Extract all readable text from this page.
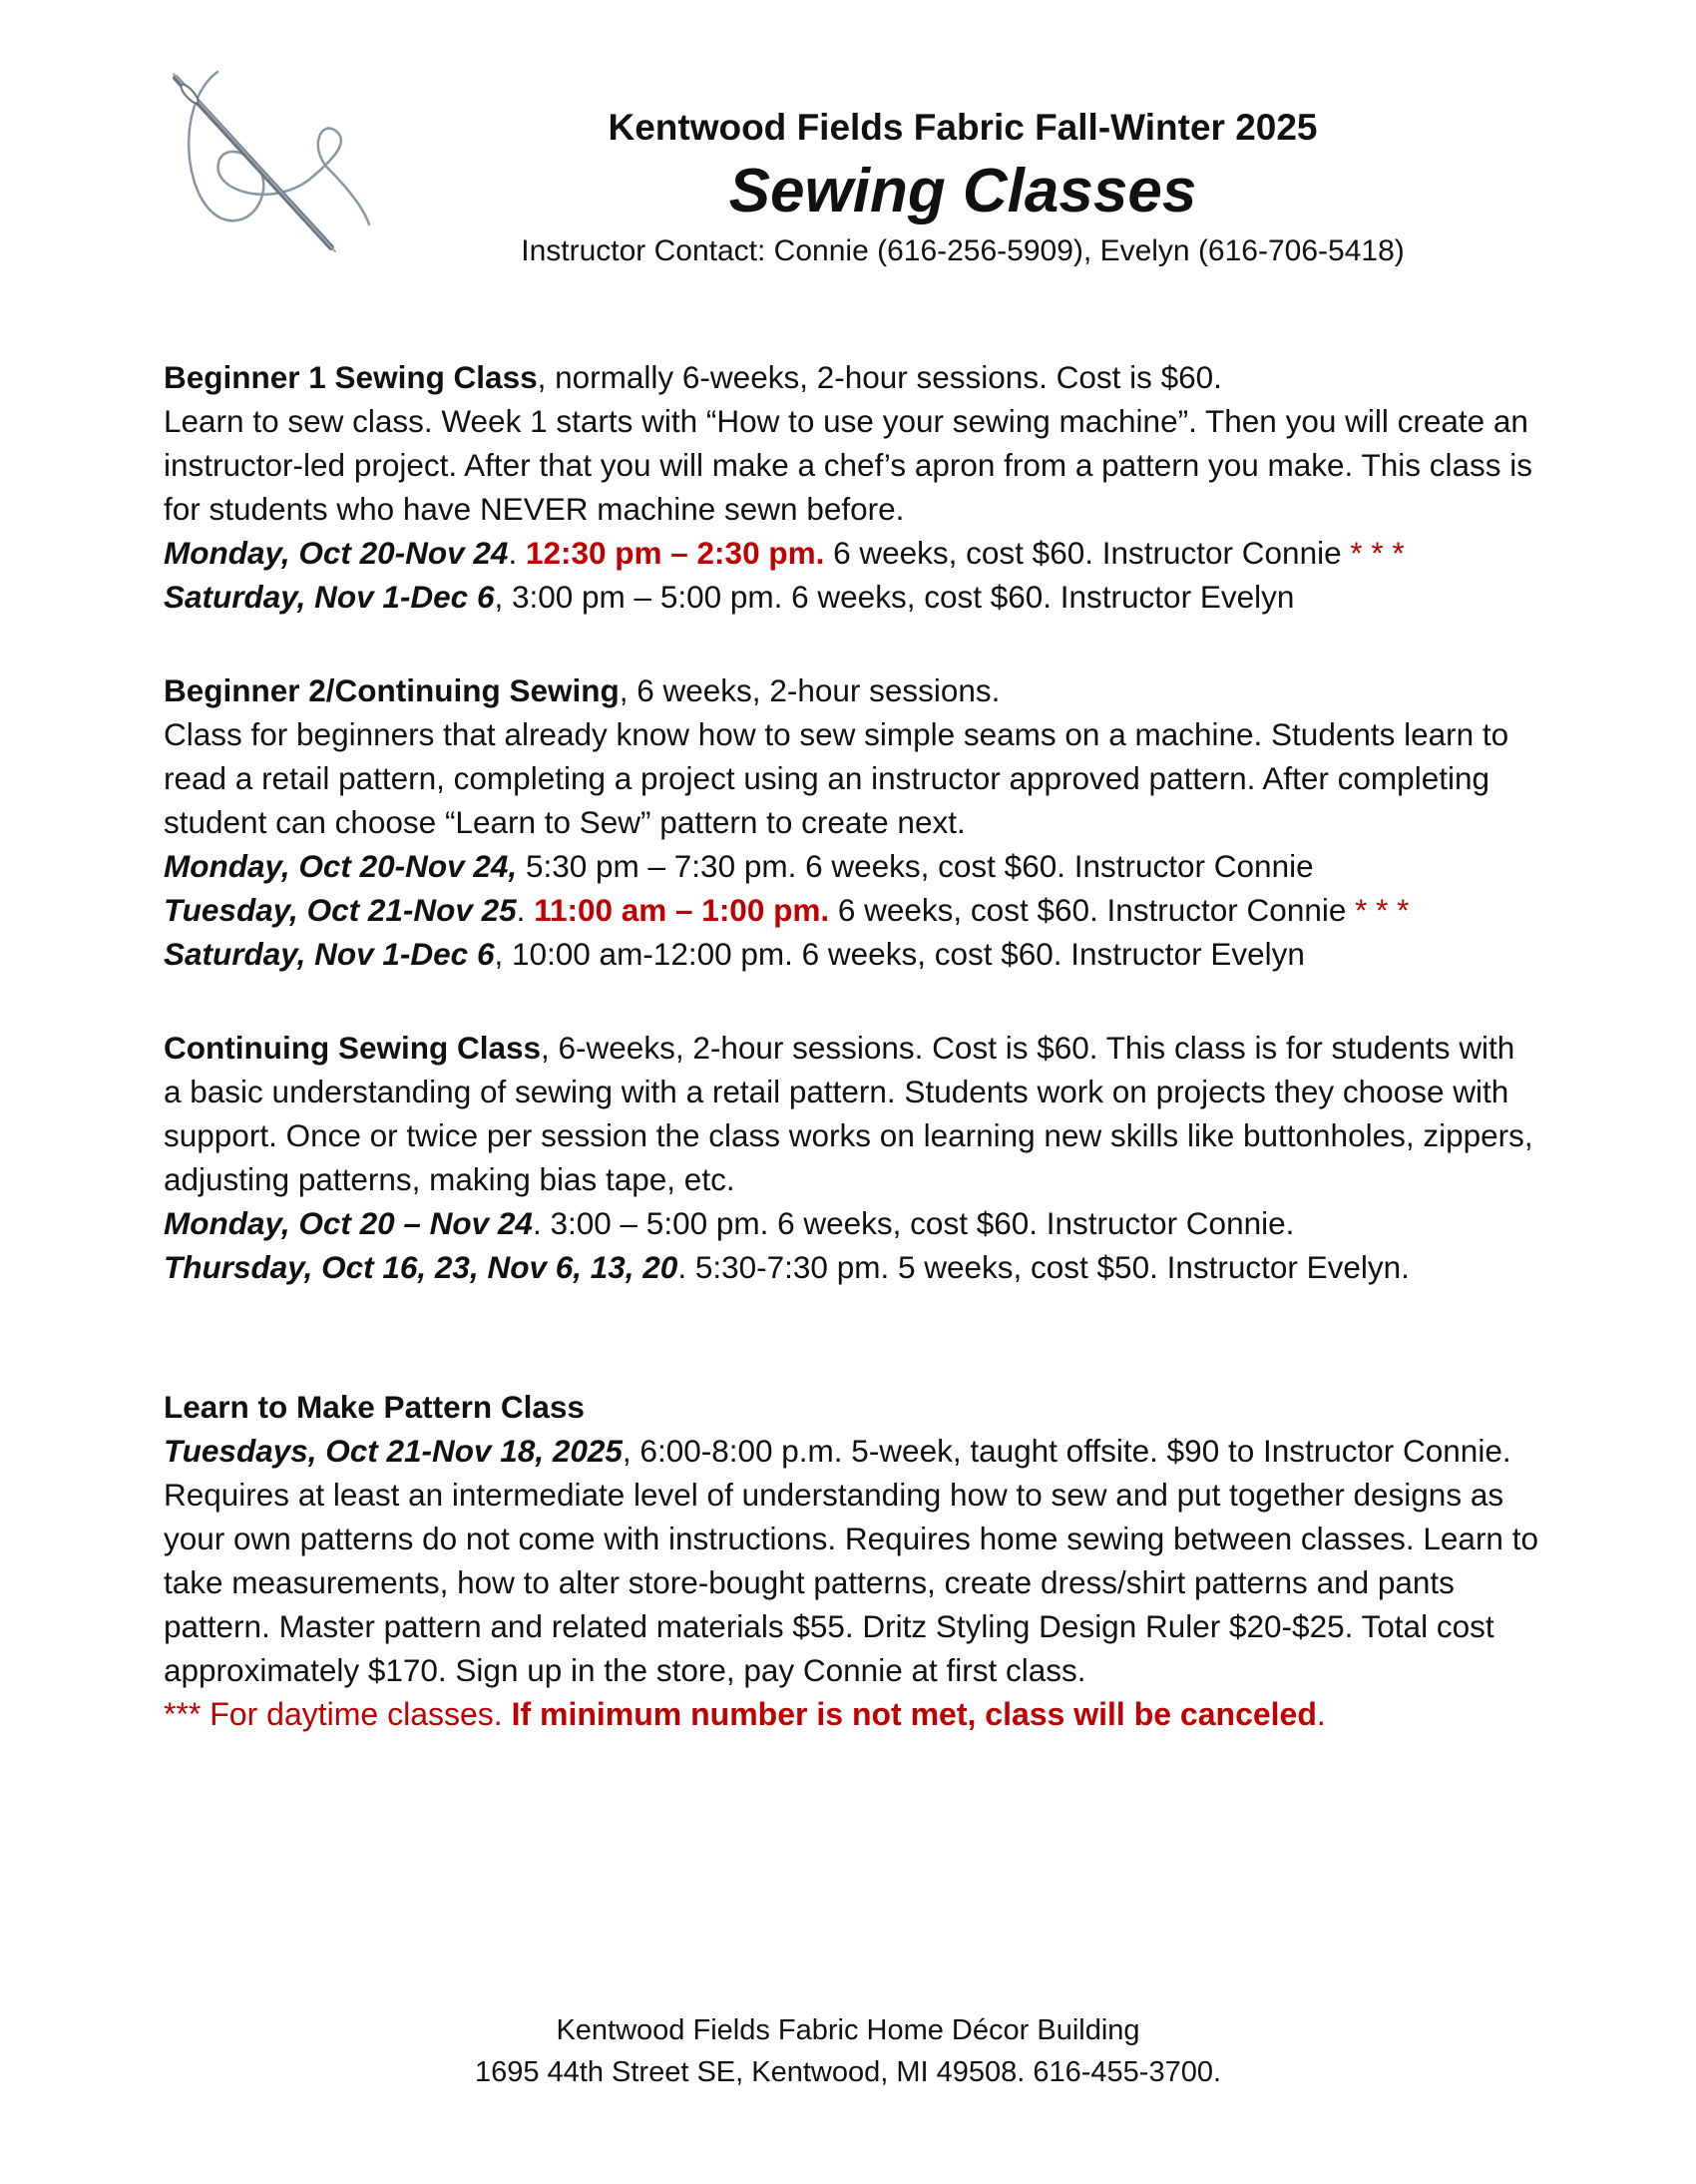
Kentwood Fields Fabric Fall-Winter 2025
Sewing Classes
Instructor Contact: Connie (616-256-5909), Evelyn (616-706-5418)

Beginner 1 Sewing Class, normally 6-weeks, 2-hour sessions. Cost is $60.

Learn to sew class. Week 1 starts with “How to use your sewing machine”. Then you will create an instructor-led project. After that you will make a chef’s apron from a pattern you make. This class is for students who have NEVER machine sewn before.

Monday, Oct 20-Nov 24. 12:30 pm – 2:30 pm. 6 weeks, cost $60. Instructor Connie * * *

Saturday, Nov 1-Dec 6, 3:00 pm – 5:00 pm. 6 weeks, cost $60. Instructor Evelyn

Beginner 2/Continuing Sewing, 6 weeks, 2-hour sessions.

Class for beginners that already know how to sew simple seams on a machine. Students learn to read a retail pattern, completing a project using an instructor approved pattern. After completing student can choose “Learn to Sew” pattern to create next.

Monday, Oct 20-Nov 24, 5:30 pm – 7:30 pm. 6 weeks, cost $60. Instructor Connie

Tuesday, Oct 21-Nov 25. 11:00 am – 1:00 pm. 6 weeks, cost $60. Instructor Connie * * *

Saturday, Nov 1-Dec 6, 10:00 am-12:00 pm. 6 weeks, cost $60. Instructor Evelyn

Continuing Sewing Class, 6-weeks, 2-hour sessions. Cost is $60. This class is for students with a basic understanding of sewing with a retail pattern. Students work on projects they choose with support. Once or twice per session the class works on learning new skills like buttonholes, zippers, adjusting patterns, making bias tape, etc.

Monday, Oct 20 – Nov 24. 3:00 – 5:00 pm. 6 weeks, cost $60. Instructor Connie.

Thursday, Oct 16, 23, Nov 6, 13, 20. 5:30-7:30 pm. 5 weeks, cost $50. Instructor Evelyn.

Learn to Make Pattern Class

Tuesdays, Oct 21-Nov 18, 2025, 6:00-8:00 p.m. 5-week, taught offsite. $90 to Instructor Connie. Requires at least an intermediate level of understanding how to sew and put together designs as your own patterns do not come with instructions. Requires home sewing between classes. Learn to take measurements, how to alter store-bought patterns, create dress/shirt patterns and pants pattern. Master pattern and related materials $55. Dritz Styling Design Ruler $20-$25. Total cost approximately $170. Sign up in the store, pay Connie at first class.

*** For daytime classes. If minimum number is not met, class will be canceled.

Kentwood Fields Fabric Home Décor Building
1695 44th Street SE, Kentwood, MI 49508. 616-455-3700.
